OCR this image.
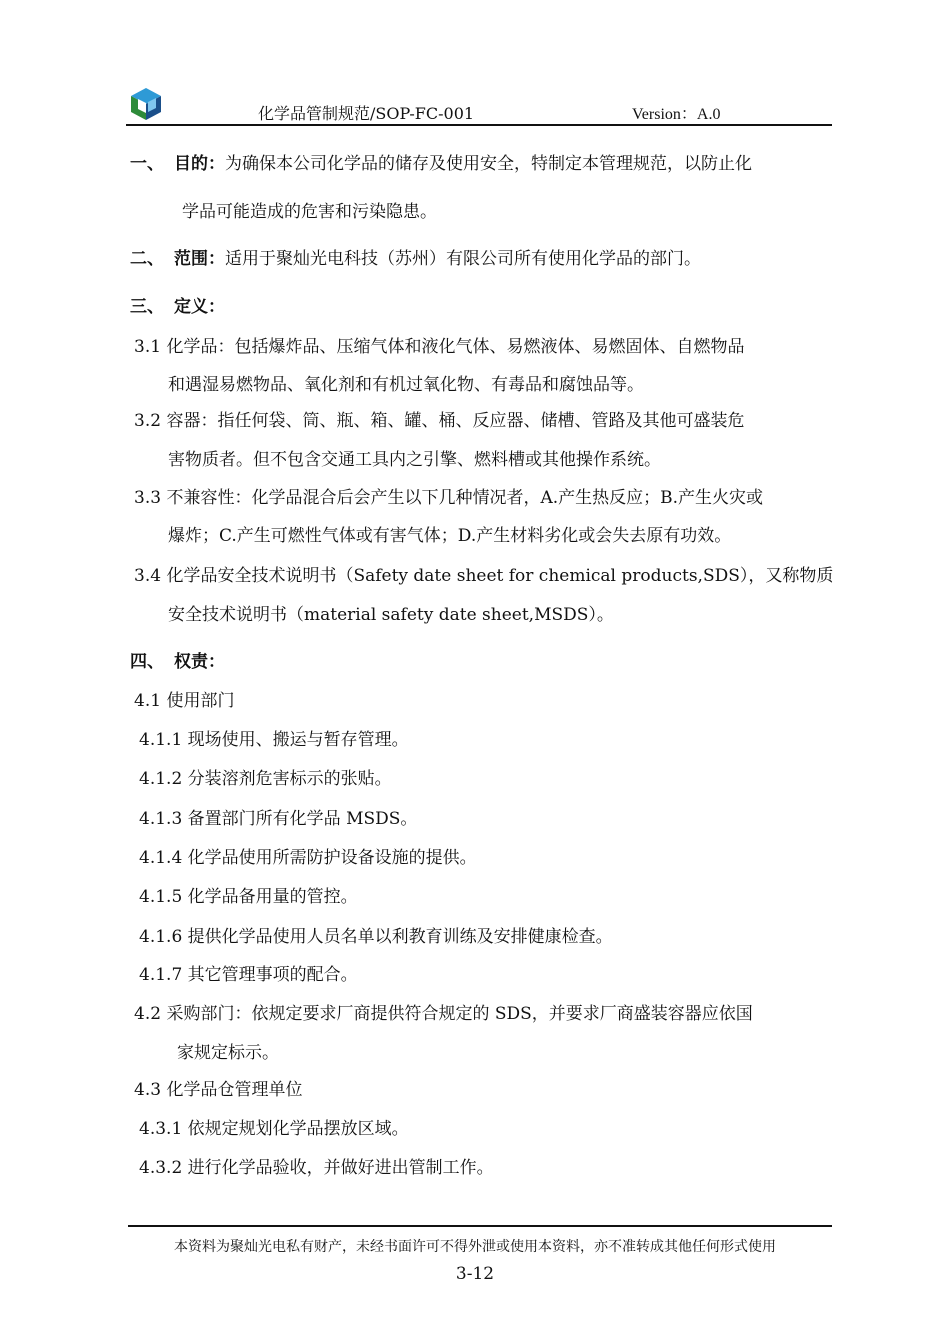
化学品管制规范/SOP-FC-001	Version：A.0
一、 目的：为确保本公司化学品的储存及使用安全，特制定本管理规范，以防止化
学品可能造成的危害和污染隐患。
二、 范围：适用于聚灿光电科技（苏州）有限公司所有使用化学品的部门。
三、 定义：
3.1 化学品：包括爆炸品、压缩气体和液化气体、易燃液体、易燃固体、自燃物品
和遇湿易燃物品、氧化剂和有机过氧化物、有毒品和腐蚀品等。
3.2 容器：指任何袋、筒、瓶、箱、罐、桶、反应器、储槽、管路及其他可盛装危
害物质者。但不包含交通工具内之引擎、燃料槽或其他操作系统。
3.3 不兼容性：化学品混合后会产生以下几种情况者，A.产生热反应；B.产生火灾或
爆炸；C.产生可燃性气体或有害气体；D.产生材料劣化或会失去原有功效。
3.4 化学品安全技术说明书（Safety date sheet for chemical products,SDS），又称物质
安全技术说明书（material safety date sheet,MSDS）。
四、 权责：
4.1 使用部门
4.1.1 现场使用、搬运与暂存管理。
4.1.2 分装溶剂危害标示的张贴。
4.1.3 备置部门所有化学品 MSDS。
4.1.4 化学品使用所需防护设备设施的提供。
4.1.5 化学品备用量的管控。
4.1.6 提供化学品使用人员名单以利教育训练及安排健康检查。
4.1.7 其它管理事项的配合。
4.2 采购部门：依规定要求厂商提供符合规定的 SDS，并要求厂商盛装容器应依国
家规定标示。
4.3 化学品仓管理单位
4.3.1 依规定规划化学品摆放区域。
4.3.2 进行化学品验收，并做好进出管制工作。
本资料为聚灿光电私有财产，未经书面许可不得外泄或使用本资料，亦不准转成其他任何形式使用
3-12
